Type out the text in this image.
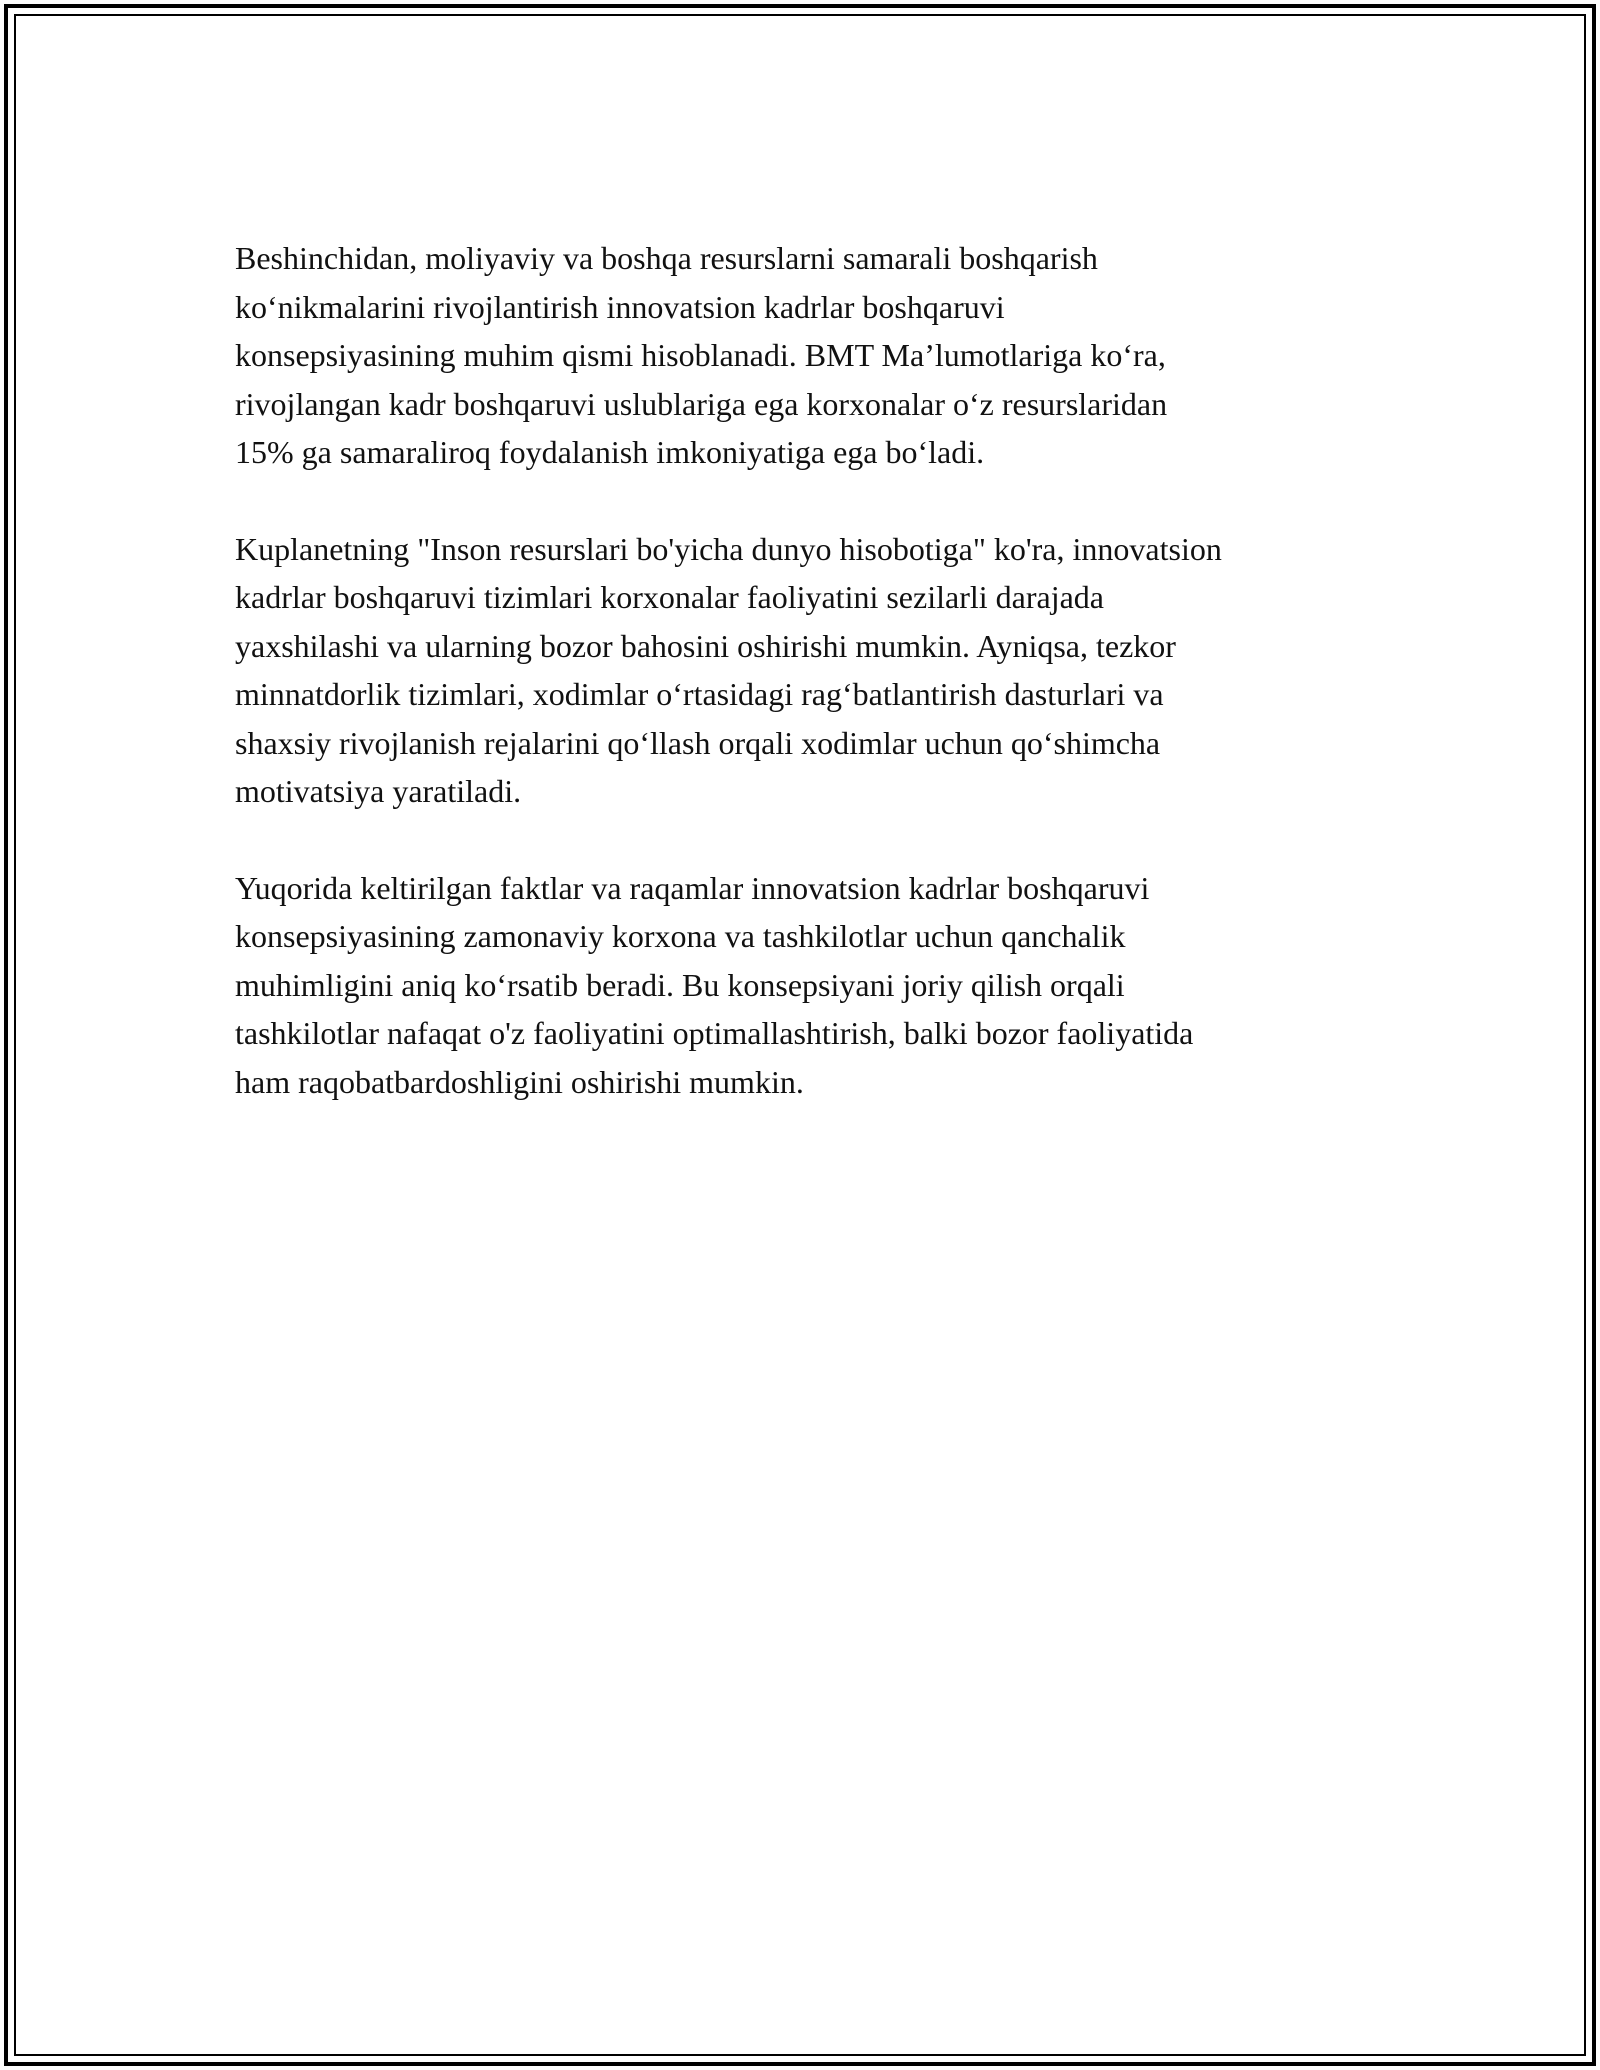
Beshinchidan, moliyaviy va boshqa resurslarni samarali boshqarish
ko‘nikmalarini rivojlantirish innovatsion kadrlar boshqaruvi
konsepsiyasining muhim qismi hisoblanadi. BMT Ma’lumotlariga ko‘ra,
rivojlangan kadr boshqaruvi uslublariga ega korxonalar o‘z resurslaridan
15% ga samaraliroq foydalanish imkoniyatiga ega bo‘ladi.

Kuplanetning "Inson resurslari bo'yicha dunyo hisobotiga" ko'ra, innovatsion
kadrlar boshqaruvi tizimlari korxonalar faoliyatini sezilarli darajada
yaxshilashi va ularning bozor bahosini oshirishi mumkin. Ayniqsa, tezkor
minnatdorlik tizimlari, xodimlar o‘rtasidagi rag‘batlantirish dasturlari va
shaxsiy rivojlanish rejalarini qo‘llash orqali xodimlar uchun qo‘shimcha
motivatsiya yaratiladi.

Yuqorida keltirilgan faktlar va raqamlar innovatsion kadrlar boshqaruvi
konsepsiyasining zamonaviy korxona va tashkilotlar uchun qanchalik
muhimligini aniq ko‘rsatib beradi. Bu konsepsiyani joriy qilish orqali
tashkilotlar nafaqat o'z faoliyatini optimallashtirish, balki bozor faoliyatida
ham raqobatbardoshligini oshirishi mumkin.
